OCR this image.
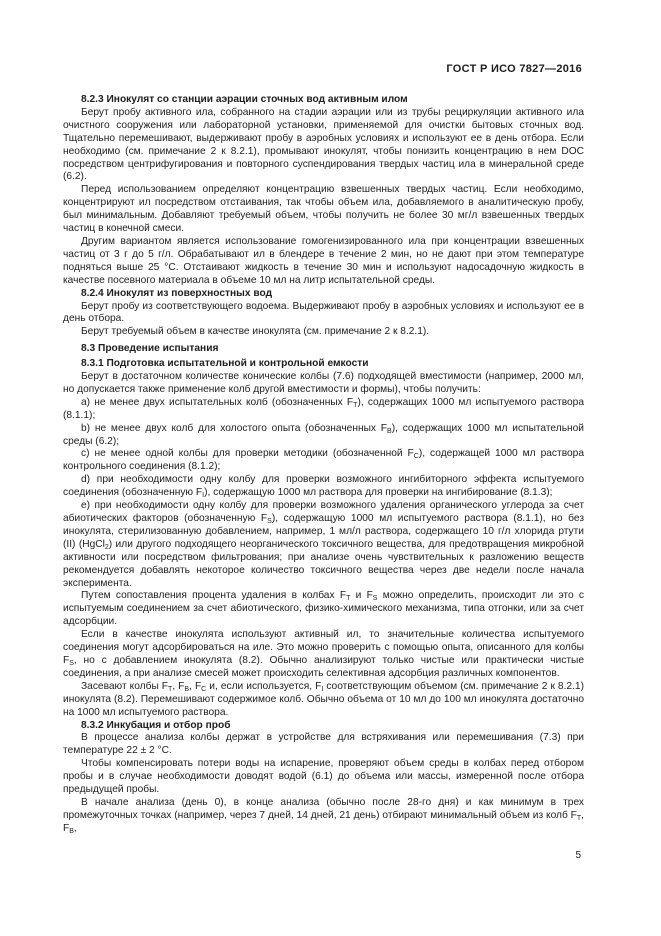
ГОСТ Р ИСО 7827—2016
8.2.3 Инокулят со станции аэрации сточных вод активным илом

Берут пробу активного ила, собранного на стадии аэрации или из трубы рециркуляции активного ила очистного сооружения или лабораторной установки, применяемой для очистки бытовых сточных вод. Тщательно перемешивают, выдерживают пробу в аэробных условиях и используют ее в день отбора. Если необходимо (см. примечание 2 к 8.2.1), промывают инокулят, чтобы понизить концентрацию в нем DOC посредством центрифугирования и повторного суспендирования твердых частиц ила в минеральной среде (6.2).

Перед использованием определяют концентрацию взвешенных твердых частиц. Если необходимо, концентрируют ил посредством отстаивания, так чтобы объем ила, добавляемого в аналитическую пробу, был минимальным. Добавляют требуемый объем, чтобы получить не более 30 мг/л взвешенных твердых частиц в конечной смеси.

Другим вариантом является использование гомогенизированного ила при концентрации взвешенных частиц от 3 г до 5 г/л. Обрабатывают ил в блендере в течение 2 мин, но не дают при этом температуре подняться выше 25 °С. Отстаивают жидкость в течение 30 мин и используют надосадочную жидкость в качестве посевного материала в объеме 10 мл на литр испытательной среды.

8.2.4 Инокулят из поверхностных вод

Берут пробу из соответствующего водоема. Выдерживают пробу в аэробных условиях и используют ее в день отбора.

Берут требуемый объем в качестве инокулята (см. примечание 2 к 8.2.1).

8.3 Проведение испытания
8.3.1 Подготовка испытательной и контрольной емкости

Берут в достаточном количестве конические колбы (7.6) подходящей вместимости (например, 2000 мл, но допускается также применение колб другой вместимости и формы), чтобы получить:

а) не менее двух испытательных колб (обозначенных $F_T$), содержащих 1000 мл испытуемого раствора (8.1.1);

b) не менее двух колб для холостого опыта (обозначенных $F_B$), содержащих 1000 мл испытательной среды (6.2);

c) не менее одной колбы для проверки методики (обозначенной $F_C$), содержащей 1000 мл раствора контрольного соединения (8.1.2);

d) при необходимости одну колбу для проверки возможного ингибиторного эффекта испытуемого соединения (обозначенную $F_I$), содержащую 1000 мл раствора для проверки на ингибирование (8.1.3);

e) при необходимости одну колбу для проверки возможного удаления органического углерода за счет абиотических факторов (обозначенную $F_S$), содержащую 1000 мл испытуемого раствора (8.1.1), но без инокулята, стерилизованную добавлением, например, 1 мл/л раствора, содержащего 10 г/л хлорида ртути (II) (HgCl$_2$) или другого подходящего неорганического токсичного вещества, для предотвращения микробной активности или посредством фильтрования; при анализе очень чувствительных к разложению веществ рекомендуется добавлять некоторое количество токсичного вещества через две недели после начала эксперимента.

Путем сопоставления процента удаления в колбах $F_T$ и $F_S$ можно определить, происходит ли это с испытуемым соединением за счет абиотического, физико-химического механизма, типа отгонки, или за счет адсорбции.

Если в качестве инокулята используют активный ил, то значительные количества испытуемого соединения могут адсорбироваться на иле. Это можно проверить с помощью опыта, описанного для колбы $F_S$, но с добавлением инокулята (8.2). Обычно анализируют только чистые или практически чистые соединения, а при анализе смесей может происходить селективная адсорбция различных компонентов.

Засевают колбы $F_T$, $F_B$, $F_C$ и, если используется, $F_I$ соответствующим объемом (см. примечание 2 к 8.2.1) инокулята (8.2). Перемешивают содержимое колб. Обычно объема от 10 мл до 100 мл инокулята достаточно на 1000 мл испытуемого раствора.

8.3.2 Инкубация и отбор проб

В процессе анализа колбы держат в устройстве для встряхивания или перемешивания (7.3) при температуре 22 ± 2 °С.

Чтобы компенсировать потери воды на испарение, проверяют объем среды в колбах перед отбором пробы и в случае необходимости доводят водой (6.1) до объема или массы, измеренной после отбора предыдущей пробы.

В начале анализа (день 0), в конце анализа (обычно после 28-го дня) и как минимум в трех промежуточных точках (например, через 7 дней, 14 дней, 21 день) отбирают минимальный объем из колб $F_T$, $F_B$,

5
